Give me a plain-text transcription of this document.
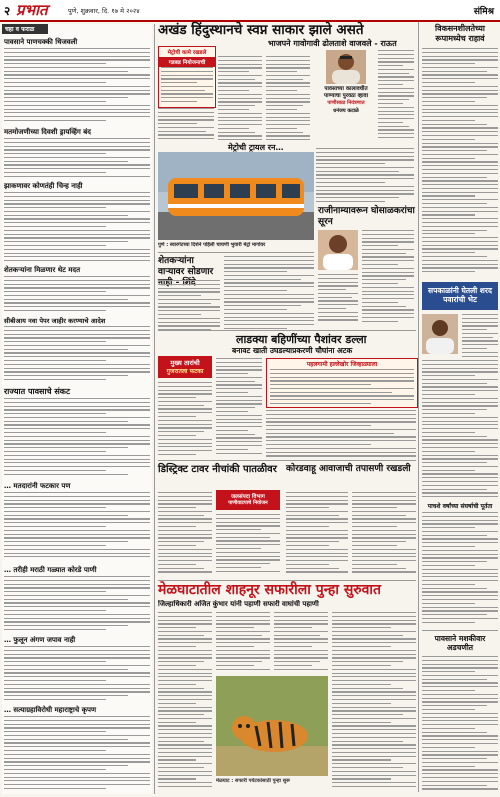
२ प्रभात	पुणे, शुक्रवार, दि. १७ मे २०२४	संमिश्र
चहा व फराळ
पावसाने पाणचक्की थिजवली
मतमोजणीच्या दिवशी ड्रायव्हिंग बंद
झाकणावर कोणतंही चिन्ह नाही
शेतकऱ्यांना मिळणार थेट मदत
सीबीआय नवा पेपर जाहीर करण्याचे आदेश
राज्यात पावसाचे संकट
… मतदारांनी फटकार पण
… तरीही मराठी गळ्यात कोरडे पाणी
… फुलून अंगण जपाव नाही
… सत्याग्रहाविरोधी महाराष्ट्राचे कृपण
अखंड हिंदुस्थानचे स्वप्न साकार झाले असते
भाजपने गावोगावी ढोलताशे वाजवले - राऊत
मेट्रोची कामे रखडले
गडबड नियोजनाची
पावसाच्या कालावधीत पाण्याचा पुरवठा व्हावा
पाणीसाठा नियंत्रणात
धनंजय कटाळे
मेट्रोची ट्रायल रन…
पुणे : स्वारगेटच्या दिशेने पहिली चाचणी भुयारी मेट्रो मार्गावर
राजीनाम्यावरून घोसाळकरांचा सूरन
शेतकऱ्यांना वाऱ्यावर सोडणार
लाडक्या बहिणींच्या पैशांवर डल्ला
बनावट खाती उघडल्याप्रकरणी चौघांना अटक
मुख्य तारांची
गुजरातला फटका
पहलगामी हल्लेखोर जिव्हाळ्याला
डिस्ट्रिक्ट टावर नीचांकी पातळीवर
जलसंपदा विभाग
पाणीवाटपाचे नियोजन
कोरडवाहू आवाजाची तपासणी रखडली
मेळघाटातील शाहनूर सफारीला पुन्हा सुरुवात
जिल्हाधिकारी अजित कुंभार यांनी पहाणी सफारी वाघांची पहाणी
मेळघाट : सफारी पर्यटकांसाठी पुन्हा सुरू
विकसनशीलतेच्या रूपामध्येच राहावं
सपकाळांनी घेतली शरद पवारांची भेट
पाचशे वर्षांच्या संघर्षाची पूर्तता
पावसाने मशकीवार अडचणीत
